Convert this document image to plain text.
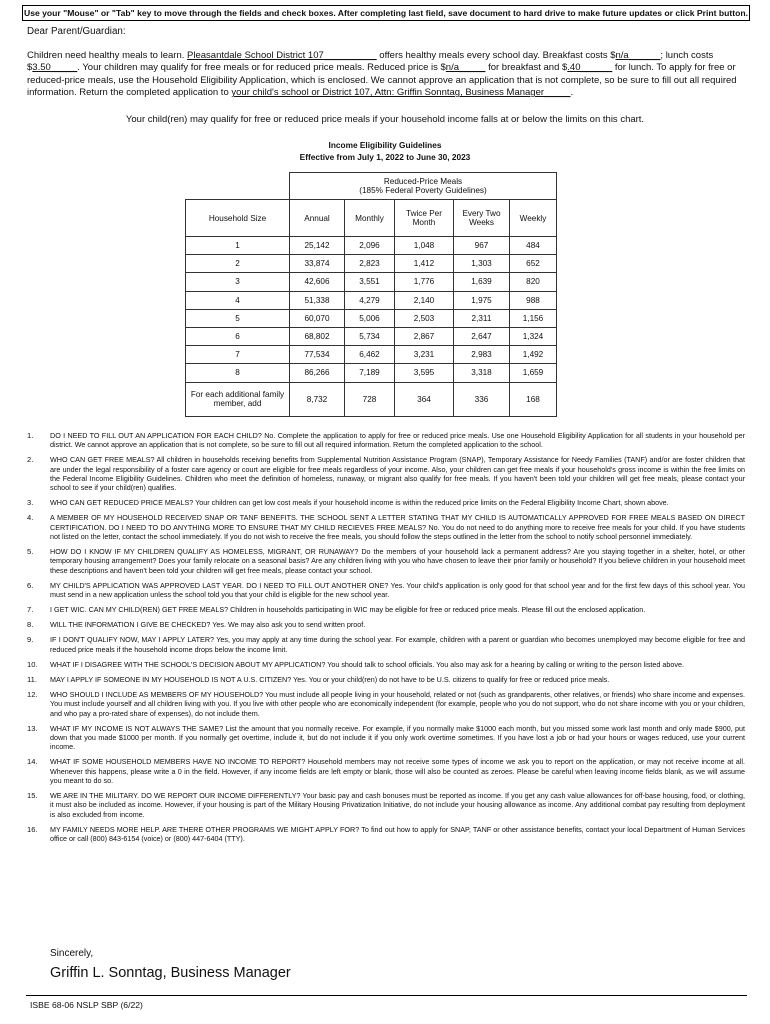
Use your "Mouse" or "Tab" key to move through the fields and check boxes. After completing last field, save document to hard drive to make future updates or click Print button.
Dear Parent/Guardian:
Children need healthy meals to learn. Pleasantdale School District 107__________ offers healthy meals every school day. Breakfast costs $n/a______; lunch costs $3.50_____. Your children may qualify for free meals or for reduced price meals. Reduced price is $n/a_____ for breakfast and $.40______ for lunch. To apply for free or reduced-price meals, use the Household Eligibility Application, which is enclosed. We cannot approve an application that is not complete, so be sure to fill out all required information. Return the completed application to your child's school or District 107, Attn: Griffin Sonntag, Business Manager_____.
Your child(ren) may qualify for free or reduced price meals if your household income falls at or below the limits on this chart.
Income Eligibility Guidelines
Effective from July 1, 2022 to June 30, 2023

	Reduced-Price Meals
(185% Federal Poverty Guidelines)				

Household Size	Annual	Monthly	Twice Per Month	Every Two Weeks	Weekly
1	25,142	2,096	1,048	967	484
2	33,874	2,823	1,412	1,303	652
3	42,606	3,551	1,776	1,639	820
4	51,338	4,279	2,140	1,975	988
5	60,070	5,006	2,503	2,311	1,156
6	68,802	5,734	2,867	2,647	1,324
7	77,534	6,462	3,231	2,983	1,492
8	86,266	7,189	3,595	3,318	1,659
For each additional family member, add	8,732	728	364	336	168
1.	DO I NEED TO FILL OUT AN APPLICATION FOR EACH CHILD? No. Complete the application to apply for free or reduced price meals. Use one Household Eligibility Application for all students in your household per district. We cannot approve an application that is not complete, so be sure to fill out all required information. Return the completed application to the school.
2.	WHO CAN GET FREE MEALS? All children in households receiving benefits from Supplemental Nutrition Assistance Program (SNAP), Temporary Assistance for Needy Families (TANF) and/or are foster children that are under the legal responsibility of a foster care agency or court are eligible for free meals regardless of your income. Also, your children can get free meals if your household's gross income is within the free limits on the Federal Income Eligibility Guidelines. Children who meet the definition of homeless, runaway, or migrant also qualify for free meals. If you haven't been told your children will get free meals, please contact your school to see if your child(ren) qualifies.
3.	WHO CAN GET REDUCED PRICE MEALS? Your children can get low cost meals if your household income is within the reduced price limits on the Federal Eligibility Income Chart, shown above.
4.	A MEMBER OF MY HOUSEHOLD RECEIVED SNAP OR TANF BENEFITS. THE SCHOOL SENT A LETTER STATING THAT MY CHILD IS AUTOMATICALLY APPROVED FOR FREE MEALS BASED ON DIRECT CERTIFICATION. DO I NEED TO DO ANYTHING MORE TO ENSURE THAT MY CHILD RECIEVES FREE MEALS? No. You do not need to do anything more to receive free meals for your child. If you have students not listed on the letter, contact the school immediately. If you do not wish to receive the free meals, you should follow the steps outlined in the letter from the school to notify school personnel immediately.
5.	HOW DO I KNOW IF MY CHILDREN QUALIFY AS HOMELESS, MIGRANT, OR RUNAWAY? Do the members of your household lack a permanent address? Are you staying together in a shelter, hotel, or other temporary housing arrangement? Does your family relocate on a seasonal basis? Are any children living with you who have chosen to leave their prior family or household? If you believe children in your household meet these descriptions and haven't been told your children will get free meals, please contact your school.
6.	MY CHILD'S APPLICATION WAS APPROVED LAST YEAR. DO I NEED TO FILL OUT ANOTHER ONE? Yes. Your child's application is only good for that school year and for the first few days of this school year. You must send in a new application unless the school told you that your child is eligible for the new school year.
7.	I GET WIC. CAN MY CHILD(REN) GET FREE MEALS? Children in households participating in WIC may be eligible for free or reduced price meals. Please fill out the enclosed application.
8.	WILL THE INFORMATION I GIVE BE CHECKED? Yes. We may also ask you to send written proof.
9.	IF I DON'T QUALIFY NOW, MAY I APPLY LATER? Yes, you may apply at any time during the school year. For example, children with a parent or guardian who becomes unemployed may become eligible for free and reduced price meals if the household income drops below the income limit.
10.	WHAT IF I DISAGREE WITH THE SCHOOL'S DECISION ABOUT MY APPLICATION? You should talk to school officials. You also may ask for a hearing by calling or writing to the person listed above.
11.	MAY I APPLY IF SOMEONE IN MY HOUSEHOLD IS NOT A U.S. CITIZEN? Yes. You or your child(ren) do not have to be U.S. citizens to qualify for free or reduced price meals.
12.	WHO SHOULD I INCLUDE AS MEMBERS OF MY HOUSEHOLD? You must include all people living in your household, related or not (such as grandparents, other relatives, or friends) who share income and expenses. You must include yourself and all children living with you. If you live with other people who are economically independent (for example, people who you do not support, who do not share income with you or your children, and who pay a pro-rated share of expenses), do not include them.
13.	WHAT IF MY INCOME IS NOT ALWAYS THE SAME? List the amount that you normally receive. For example, if you normally make $1000 each month, but you missed some work last month and only made $900, put down that you made $1000 per month. If you normally get overtime, include it, but do not include it if you only work overtime sometimes. If you have lost a job or had your hours or wages reduced, use your current income.
14.	WHAT IF SOME HOUSEHOLD MEMBERS HAVE NO INCOME TO REPORT? Household members may not receive some types of income we ask you to report on the application, or may not receive income at all. Whenever this happens, please write a 0 in the field. However, if any income fields are left empty or blank, those will also be counted as zeroes. Please be careful when leaving income fields blank, as we will assume you meant to do so.
15.	WE ARE IN THE MILITARY. DO WE REPORT OUR INCOME DIFFERENTLY? Your basic pay and cash bonuses must be reported as income. If you get any cash value allowances for off-base housing, food, or clothing, it must also be included as income. However, if your housing is part of the Military Housing Privatization Initiative, do not include your housing allowance as income. Any additional combat pay resulting from deployment is also excluded from income.
16.	MY FAMILY NEEDS MORE HELP. ARE THERE OTHER PROGRAMS WE MIGHT APPLY FOR? To find out how to apply for SNAP, TANF or other assistance benefits, contact your local Department of Human Services office or call (800) 843-6154 (voice) or (800) 447-6404 (TTY).
Sincerely,
Griffin L. Sonntag, Business Manager
ISBE 68-06 NSLP SBP (6/22)
